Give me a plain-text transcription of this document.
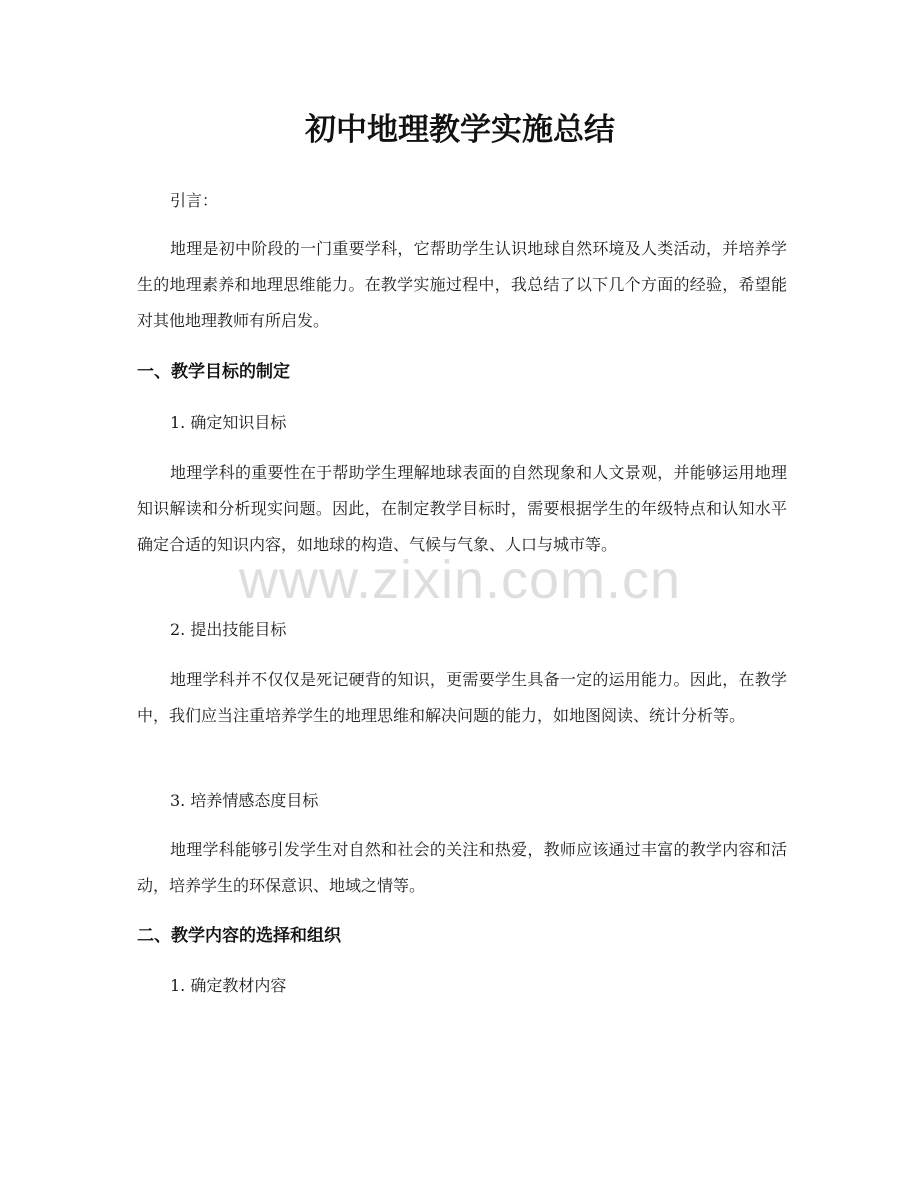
初中地理教学实施总结

引言：

地理是初中阶段的一门重要学科，它帮助学生认识地球自然环境及人类活动，并培养学生的地理素养和地理思维能力。在教学实施过程中，我总结了以下几个方面的经验，希望能对其他地理教师有所启发。

一、教学目标的制定

1. 确定知识目标

地理学科的重要性在于帮助学生理解地球表面的自然现象和人文景观，并能够运用地理知识解读和分析现实问题。因此，在制定教学目标时，需要根据学生的年级特点和认知水平确定合适的知识内容，如地球的构造、气候与气象、人口与城市等。

2. 提出技能目标

地理学科并不仅仅是死记硬背的知识，更需要学生具备一定的运用能力。因此，在教学中，我们应当注重培养学生的地理思维和解决问题的能力，如地图阅读、统计分析等。

3. 培养情感态度目标

地理学科能够引发学生对自然和社会的关注和热爱，教师应该通过丰富的教学内容和活动，培养学生的环保意识、地域之情等。

二、教学内容的选择和组织

1. 确定教材内容

www.zixin.com.cn
